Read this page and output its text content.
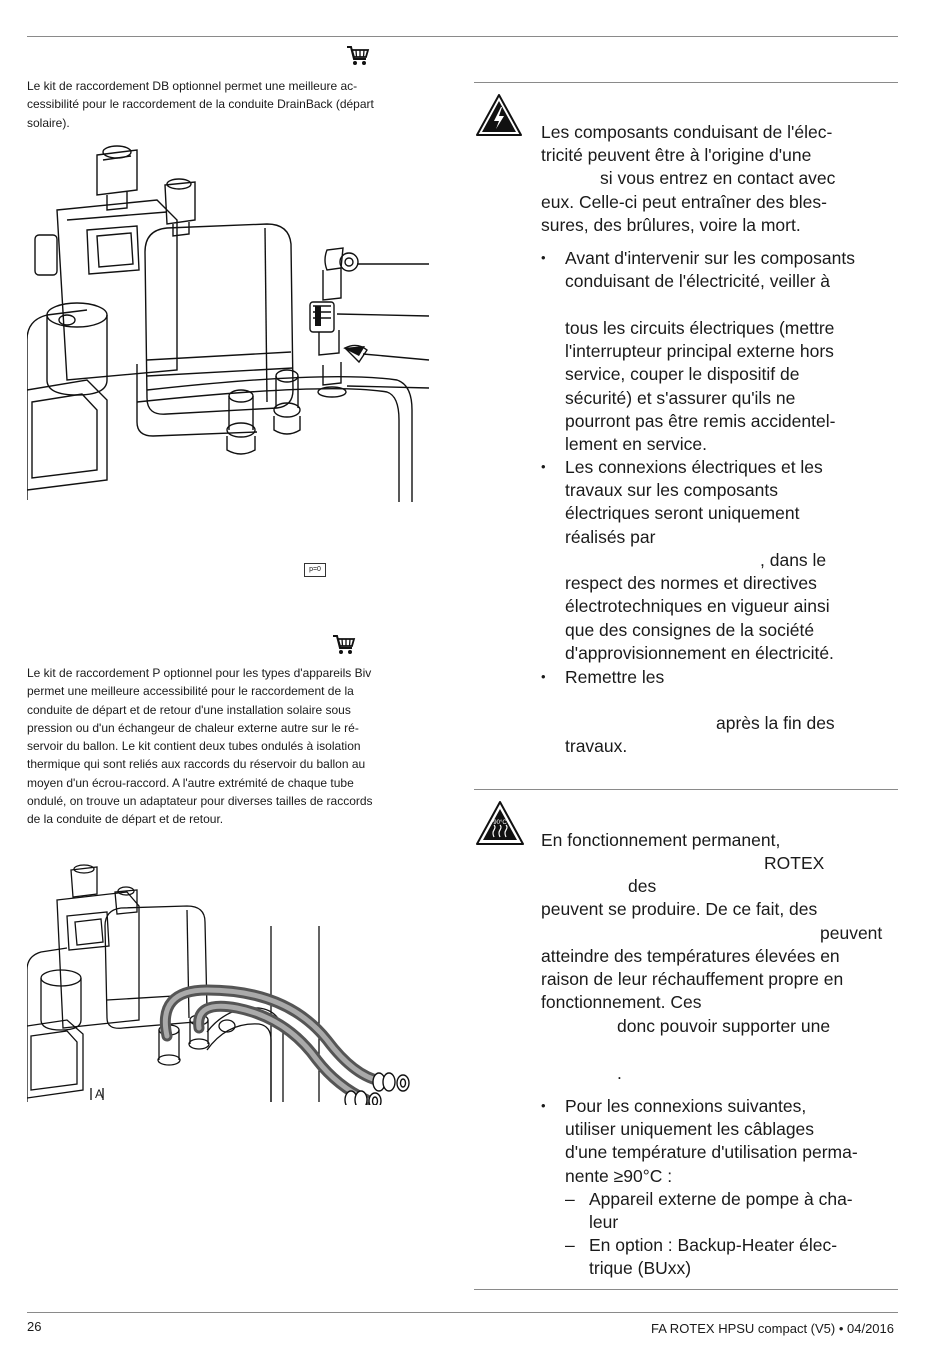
Le kit de raccordement DB optionnel permet une meilleure ac-
cessibilité pour le raccordement de la conduite DrainBack (départ
solaire).
p=0
Le kit de raccordement P optionnel pour les types d'appareils Biv
permet une meilleure accessibilité pour le raccordement de la
conduite de départ et de retour d'une installation solaire sous
pression ou d'un échangeur de chaleur externe autre sur le ré-
servoir du ballon. Le kit contient deux tubes ondulés à isolation
thermique qui sont reliés aux raccords du réservoir du ballon au
moyen d'un écrou-raccord. A l'autre extrémité de chaque tube
ondulé, on trouve un adaptateur pour diverses tailles de raccords
de la conduite de départ et de retour.
A
Les composants conduisant de l'élec-
tricité peuvent être à l'origine d'une
si vous entrez en contact avec
eux. Celle-ci peut entraîner des bles-
sures, des brûlures, voire la mort.
• Avant d'intervenir sur les composants
conduisant de l'électricité, veiller à
tous les circuits électriques (mettre
l'interrupteur principal externe hors
service, couper le dispositif de
sécurité) et s'assurer qu'ils ne
pourront pas être remis accidentel-
lement en service.
• Les connexions électriques et les
travaux sur les composants
électriques seront uniquement
réalisés par
, dans le
respect des normes et directives
électrotechniques en vigueur ainsi
que des consignes de la société
d'approvisionnement en électricité.
• Remettre les
après la fin des
travaux.
90°C
En fonctionnement permanent,
ROTEX
des
peuvent se produire. De ce fait, des
peuvent
atteindre des températures élevées en
raison de leur réchauffement propre en
fonctionnement. Ces
donc pouvoir supporter une
.
• Pour les connexions suivantes,
utiliser uniquement les câblages
d'une température d'utilisation perma-
nente ≥90°C :
– Appareil externe de pompe à cha-
leur
– En option : Backup-Heater élec-
trique (BUxx)
26	FA ROTEX HPSU compact (V5) • 04/2016
